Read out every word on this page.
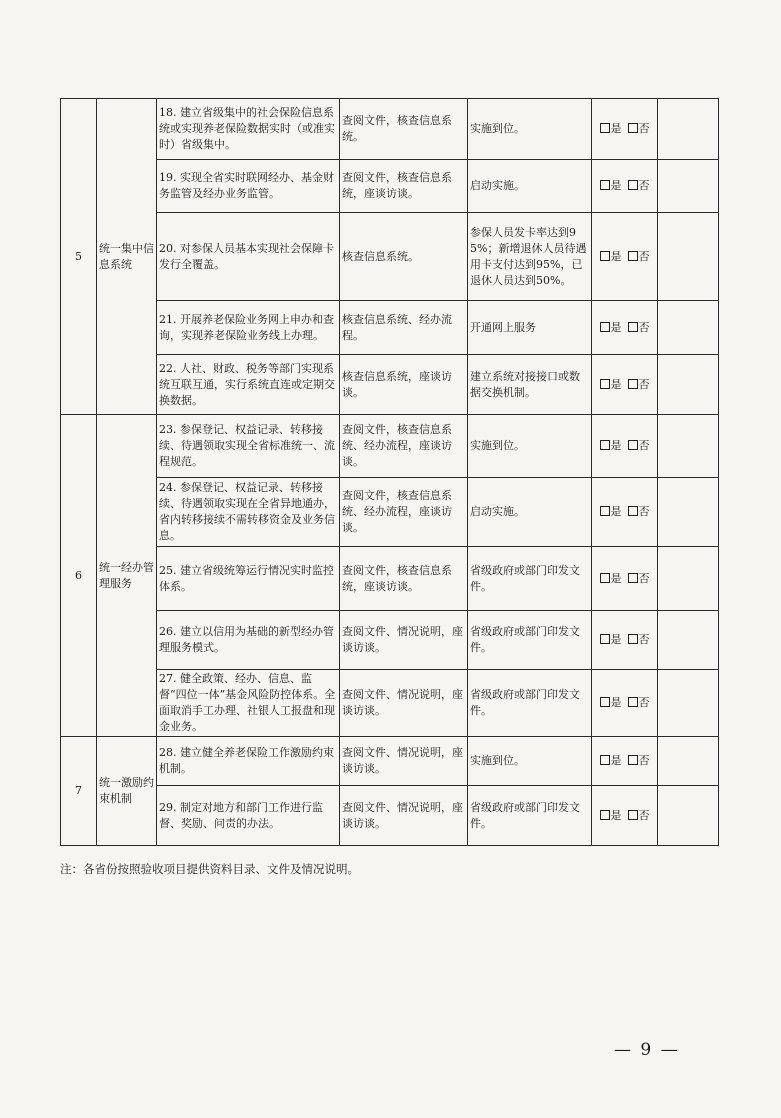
5	统一集中信息系统	18. 建立省级集中的社会保险信息系统或实现养老保险数据实时（或准实时）省级集中。	查阅文件，核查信息系统。	实施到位。	是 否	
		19. 实现全省实时联网经办、基金财务监管及经办业务监管。	查阅文件，核查信息系统，座谈访谈。	启动实施。	是 否	
		20. 对参保人员基本实现社会保障卡发行全覆盖。	核查信息系统。	参保人员发卡率达到95%；新增退休人员待遇用卡支付达到95%，已退休人员达到50%。	是 否	
		21. 开展养老保险业务网上申办和查询，实现养老保险业务线上办理。	核查信息系统、经办流程。	开通网上服务	是 否	
		22. 人社、财政、税务等部门实现系统互联互通，实行系统直连或定期交换数据。	核查信息系统，座谈访谈。	建立系统对接接口或数据交换机制。	是 否	
6	统一经办管理服务	23. 参保登记、权益记录、转移接续、待遇领取实现全省标准统一、流程规范。	查阅文件，核查信息系统、经办流程，座谈访谈。	实施到位。	是 否	
		24. 参保登记、权益记录、转移接续、待遇领取实现在全省异地通办，省内转移接续不需转移资金及业务信息。	查阅文件，核查信息系统、经办流程，座谈访谈。	启动实施。	是 否	
		25. 建立省级统筹运行情况实时监控体系。	查阅文件，核查信息系统，座谈访谈。	省级政府或部门印发文件。	是 否	
		26. 建立以信用为基础的新型经办管理服务模式。	查阅文件、情况说明，座谈访谈。	省级政府或部门印发文件。	是 否	
		27. 健全政策、经办、信息、监督“四位一体”基金风险防控体系。全面取消手工办理、社银人工报盘和现金业务。	查阅文件、情况说明，座谈访谈。	省级政府或部门印发文件。	是 否	
7	统一激励约束机制	28. 建立健全养老保险工作激励约束机制。	查阅文件、情况说明，座谈访谈。	实施到位。	是 否	
		29. 制定对地方和部门工作进行监督、奖励、问责的办法。	查阅文件、情况说明，座谈访谈。	省级政府或部门印发文件。	是 否	
注：各省份按照验收项目提供资料目录、文件及情况说明。
— 9 —
